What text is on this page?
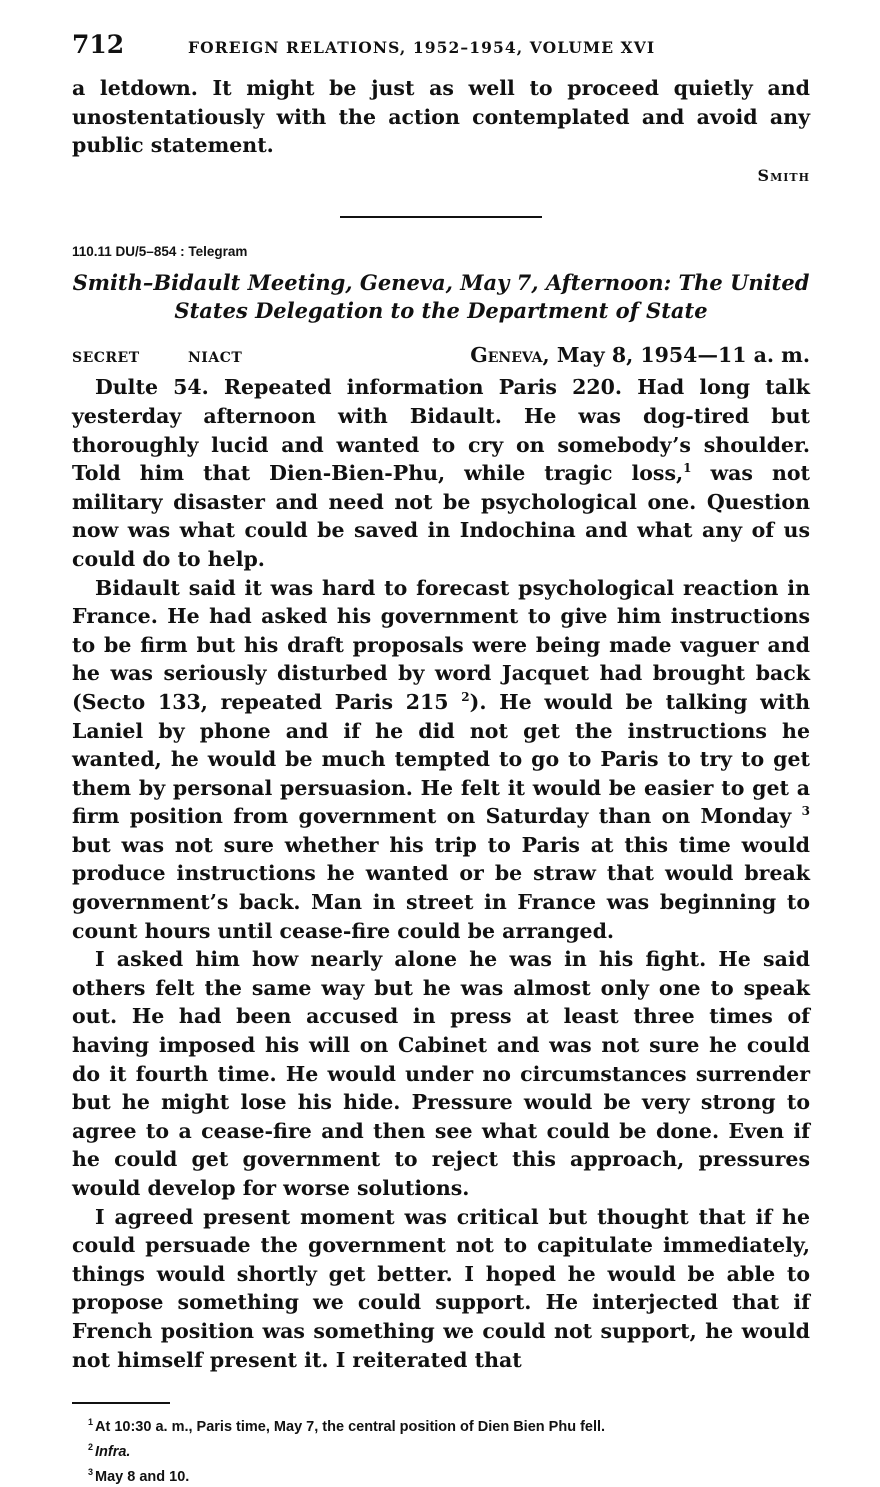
712	FOREIGN RELATIONS, 1952–1954, VOLUME XVI

a letdown. It might be just as well to proceed quietly and unostentatiously with the action contemplated and avoid any public statement.

Smith
110.11 DU/5–854 : Telegram
Smith–Bidault Meeting, Geneva, May 7, Afternoon: The United States Delegation to the Department of State
SECRET	NIACT	Geneva, May 8, 1954—11 a. m.

Dulte 54. Repeated information Paris 220. Had long talk yesterday afternoon with Bidault. He was dog-tired but thoroughly lucid and wanted to cry on somebody’s shoulder. Told him that Dien-Bien-Phu, while tragic loss,$^1$ was not military disaster and need not be psychological one. Question now was what could be saved in Indochina and what any of us could do to help.

Bidault said it was hard to forecast psychological reaction in France. He had asked his government to give him instructions to be firm but his draft proposals were being made vaguer and he was seriously disturbed by word Jacquet had brought back (Secto 133, repeated Paris 215 $^2$). He would be talking with Laniel by phone and if he did not get the instructions he wanted, he would be much tempted to go to Paris to try to get them by personal persuasion. He felt it would be easier to get a firm position from government on Saturday than on Monday $^3$ but was not sure whether his trip to Paris at this time would produce instructions he wanted or be straw that would break government’s back. Man in street in France was beginning to count hours until cease-fire could be arranged.

I asked him how nearly alone he was in his fight. He said others felt the same way but he was almost only one to speak out. He had been accused in press at least three times of having imposed his will on Cabinet and was not sure he could do it fourth time. He would under no circumstances surrender but he might lose his hide. Pressure would be very strong to agree to a cease-fire and then see what could be done. Even if he could get government to reject this approach, pressures would develop for worse solutions.

I agreed present moment was critical but thought that if he could persuade the government not to capitulate immediately, things would shortly get better. I hoped he would be able to propose something we could support. He interjected that if French position was something we could not support, he would not himself present it. I reiterated that

$^1$ At 10:30 a. m., Paris time, May 7, the central position of Dien Bien Phu fell.

$^2$ Infra.

$^3$ May 8 and 10.
